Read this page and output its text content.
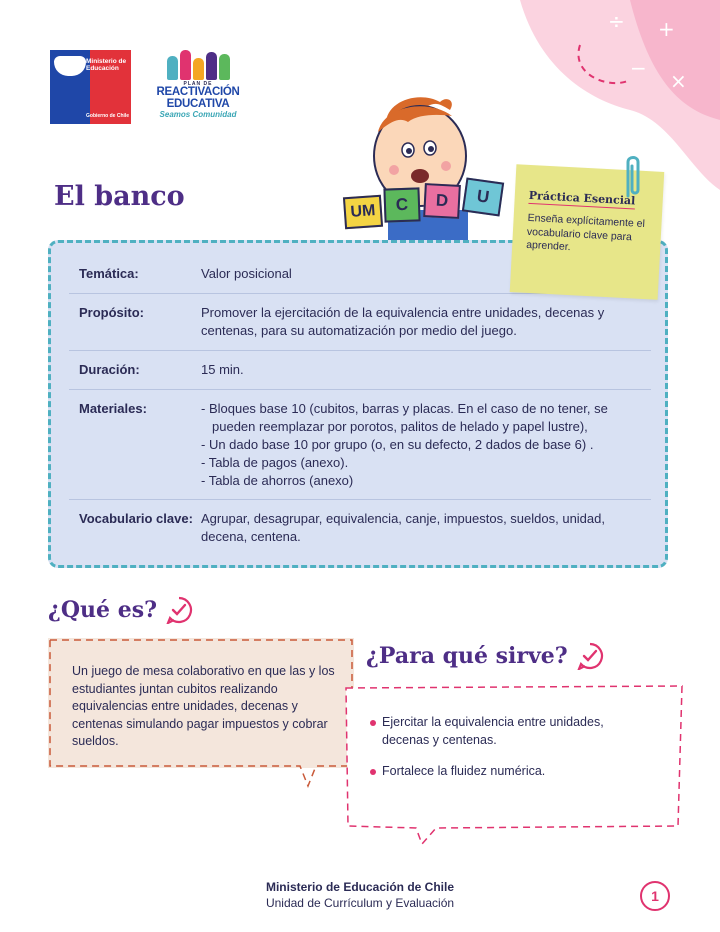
÷ +
−
×
Ministerio de
Educación
Gobierno de Chile
PLAN DE
REACTIVACIÓN
EDUCATIVA
Seamos Comunidad
UM	C	D	U
El banco
Temática:	Valor posicional
Propósito:	Promover la ejercitación de la equivalencia entre unidades, decenas y centenas, para su automatización por medio del juego.
Duración:	15 min.
Materiales:	- Bloques base 10 (cubitos, barras y placas. En el caso de no tener, se pueden reemplazar por porotos, palitos de helado y papel lustre),
- Un dado base 10 por grupo (o, en su defecto, 2 dados de base 6) .
- Tabla de pagos (anexo).
- Tabla de ahorros (anexo)
Vocabulario clave: Agrupar, desagrupar, equivalencia, canje, impuestos, sueldos, unidad, decena, centena.
Práctica Esencial

Enseña explícitamente el vocabulario clave para aprender.

¿Qué es?

Un juego de mesa colaborativo en que las y los estudiantes juntan cubitos realizando equivalencias entre unidades, decenas y centenas simulando pagar impuestos y cobrar sueldos.

¿Para qué sirve?
Ejercitar la equivalencia entre unidades, decenas y centenas.
Fortalece la fluidez numérica.
Ministerio de Educación de Chile
Unidad de Currículum y Evaluación	1
